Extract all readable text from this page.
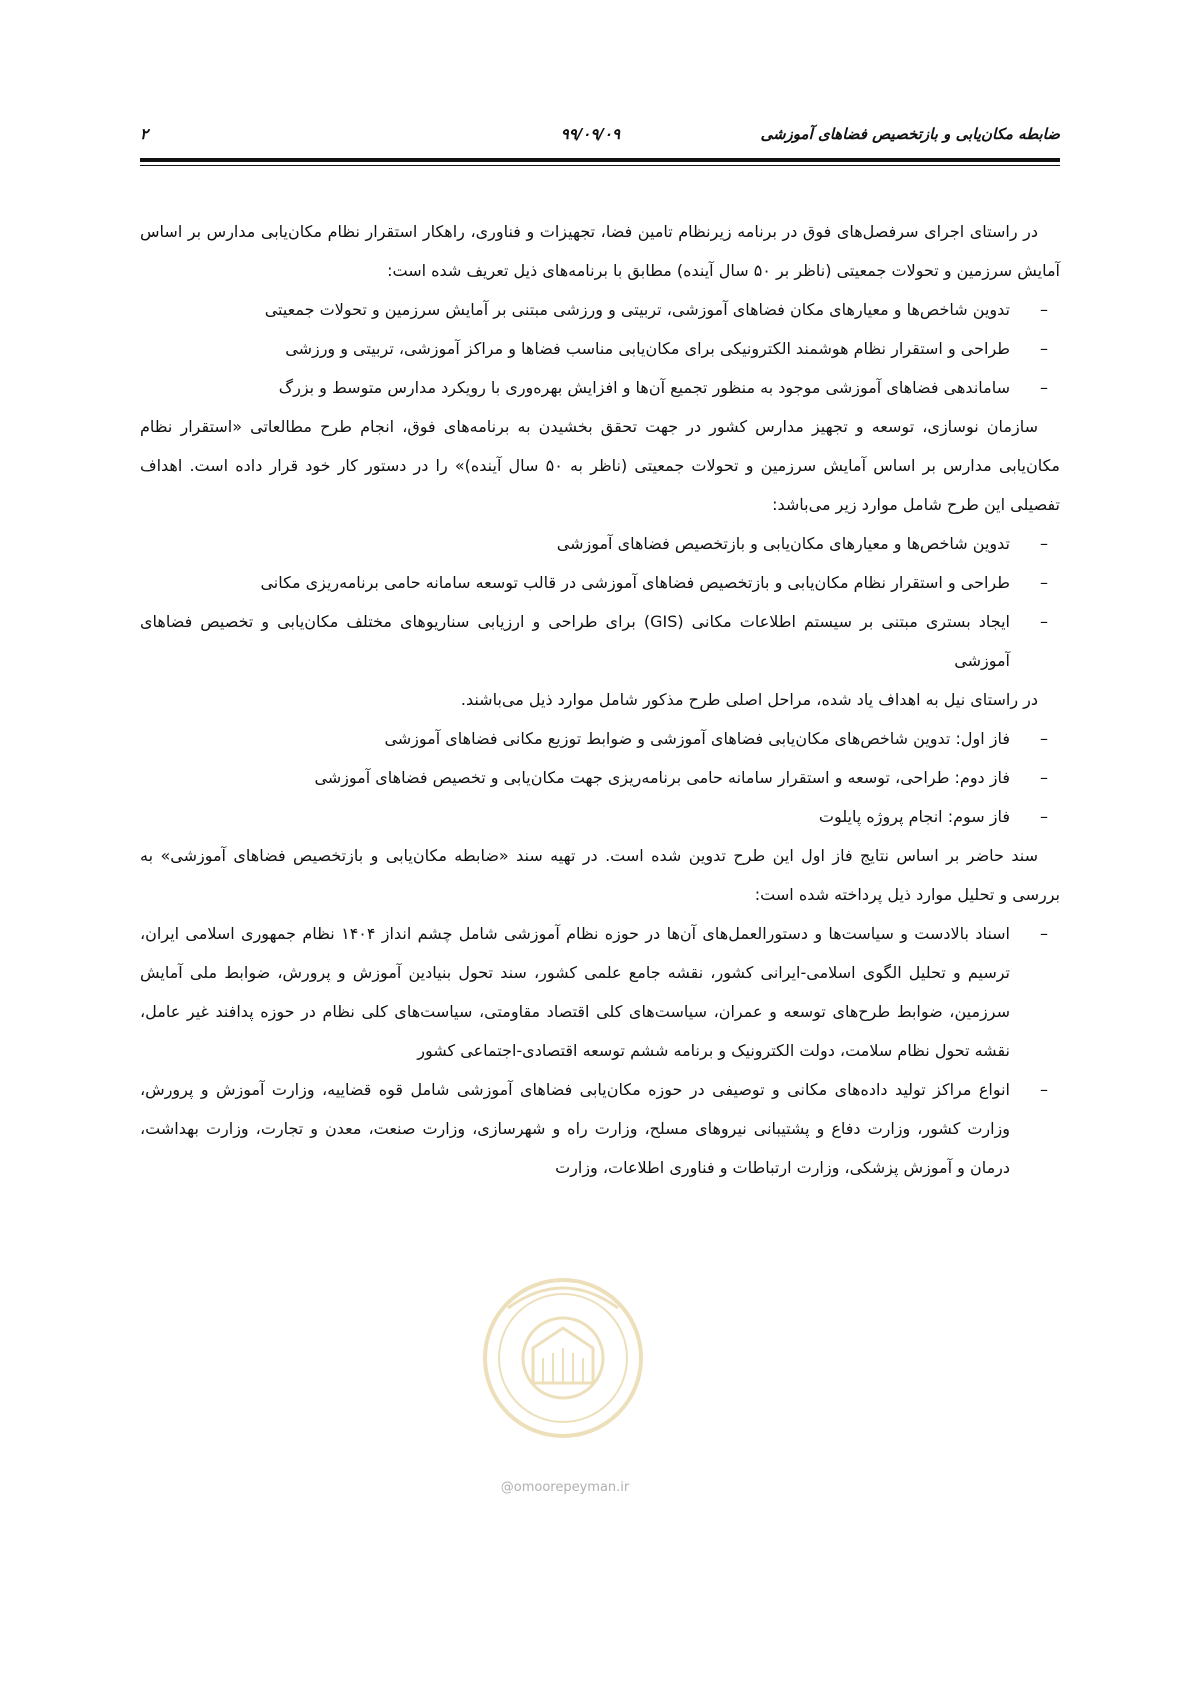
ضابطه مکان‌یابی و بازتخصیص فضاهای آموزشی
۹۹/۰۹/۰۹
۲

در راستای اجرای سرفصل‌های فوق در برنامه زیرنظام تامین فضا، تجهیزات و فناوری، راهکار استقرار نظام مکان‌یابی مدارس بر اساس آمایش سرزمین و تحولات جمعیتی (ناظر بر ۵۰ سال آینده) مطابق با برنامه‌های ذیل تعریف شده است:

– تدوین شاخص‌ها و معیارهای مکان فضاهای آموزشی، تربیتی و ورزشی مبتنی بر آمایش سرزمین و تحولات جمعیتی
– طراحی و استقرار نظام هوشمند الکترونیکی برای مکان‌یابی مناسب فضاها و مراکز آموزشی، تربیتی و ورزشی
– ساماندهی فضاهای آموزشی موجود به منظور تجمیع آن‌ها و افزایش بهره‌وری با رویکرد مدارس متوسط و بزرگ

سازمان نوسازی، توسعه و تجهیز مدارس کشور در جهت تحقق بخشیدن به برنامه‌های فوق، انجام طرح مطالعاتی «استقرار نظام مکان‌یابی مدارس بر اساس آمایش سرزمین و تحولات جمعیتی (ناظر به ۵۰ سال آینده)» را در دستور کار خود قرار داده است. اهداف تفصیلی این طرح شامل موارد زیر می‌باشد:

– تدوین شاخص‌ها و معیارهای مکان‌یابی و بازتخصیص فضاهای آموزشی
– طراحی و استقرار نظام مکان‌یابی و بازتخصیص فضاهای آموزشی در قالب توسعه سامانه حامی برنامه‌ریزی مکانی
– ایجاد بستری مبتنی بر سیستم اطلاعات مکانی (GIS) برای طراحی و ارزیابی سناریوهای مختلف مکان‌یابی و تخصیص فضاهای آموزشی

در راستای نیل به اهداف یاد شده، مراحل اصلی طرح مذکور شامل موارد ذیل می‌باشند.

– فاز اول: تدوین شاخص‌های مکان‌یابی فضاهای آموزشی و ضوابط توزیع مکانی فضاهای آموزشی
– فاز دوم: طراحی، توسعه و استقرار سامانه حامی برنامه‌ریزی جهت مکان‌یابی و تخصیص فضاهای آموزشی
– فاز سوم: انجام پروژه پایلوت

سند حاضر بر اساس نتایج فاز اول این طرح تدوین شده است. در تهیه سند «ضابطه مکان‌یابی و بازتخصیص فضاهای آموزشی» به بررسی و تحلیل موارد ذیل پرداخته شده است:

– اسناد بالادست و سیاست‌ها و دستورالعمل‌های آن‌ها در حوزه نظام آموزشی شامل چشم انداز ۱۴۰۴ نظام جمهوری اسلامی ایران، ترسیم و تحلیل الگوی اسلامی-ایرانی کشور، نقشه جامع علمی کشور، سند تحول بنیادین آموزش و پرورش، ضوابط ملی آمایش سرزمین، ضوابط طرح‌های توسعه و عمران، سیاست‌های کلی اقتصاد مقاومتی، سیاست‌های کلی نظام در حوزه پدافند غیر عامل، نقشه تحول نظام سلامت، دولت الکترونیک و برنامه ششم توسعه اقتصادی-اجتماعی کشور
– انواع مراکز تولید داده‌های مکانی و توصیفی در حوزه مکان‌یابی فضاهای آموزشی شامل قوه قضاییه، وزارت آموزش و پرورش، وزارت کشور، وزارت دفاع و پشتیبانی نیروهای مسلح، وزارت راه و شهرسازی، وزارت صنعت، معدن و تجارت، وزارت بهداشت، درمان و آموزش پزشکی، وزارت ارتباطات و فناوری اطلاعات، وزارت
@omoorepeyman.ir
